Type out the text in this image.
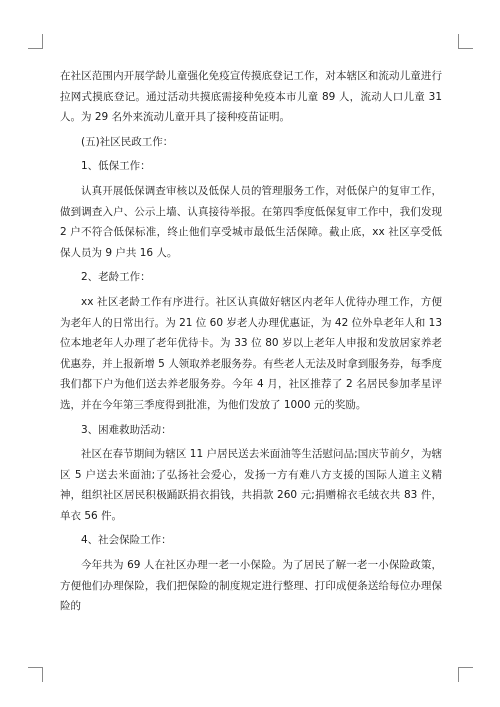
在社区范围内开展学龄儿童强化免疫宣传摸底登记工作，对本辖区和流动儿童进行拉网式摸底登记。通过活动共摸底需接种免疫本市儿童 89 人，流动人口儿童 31 人。为 29 名外来流动儿童开具了接种疫苗证明。

(五)社区民政工作：

1、低保工作：

认真开展低保调查审核以及低保人员的管理服务工作，对低保户的复审工作，做到调查入户、公示上墙、认真接待举报。在第四季度低保复审工作中，我们发现 2 户不符合低保标准，终止他们享受城市最低生活保障。截止底，xx 社区享受低保人员为 9 户共 16 人。

2、老龄工作：

xx 社区老龄工作有序进行。社区认真做好辖区内老年人优待办理工作，方便为老年人的日常出行。为 21 位 60 岁老人办理优惠证，为 42 位外阜老年人和 13 位本地老年人办理了老年优待卡。为 33 位 80 岁以上老年人申报和发放居家养老优惠券，并上报新增 5 人领取养老服务券。有些老人无法及时拿到服务券，每季度我们都下户为他们送去养老服务券。今年 4 月，社区推荐了 2 名居民参加孝星评选，并在今年第三季度得到批准，为他们发放了 1000 元的奖励。

3、困难救助活动：

社区在春节期间为辖区 11 户居民送去米面油等生活慰问品;国庆节前夕，为辖区 5 户送去米面油;了弘扬社会爱心，发扬一方有难八方支援的国际人道主义精神，组织社区居民积极踊跃捐衣捐钱，共捐款 260 元;捐赠棉衣毛绒衣共 83 件，单衣 56 件。

4、社会保险工作：

今年共为 69 人在社区办理一老一小保险。为了居民了解一老一小保险政策，方便他们办理保险，我们把保险的制度规定进行整理、打印成便条送给每位办理保险的
